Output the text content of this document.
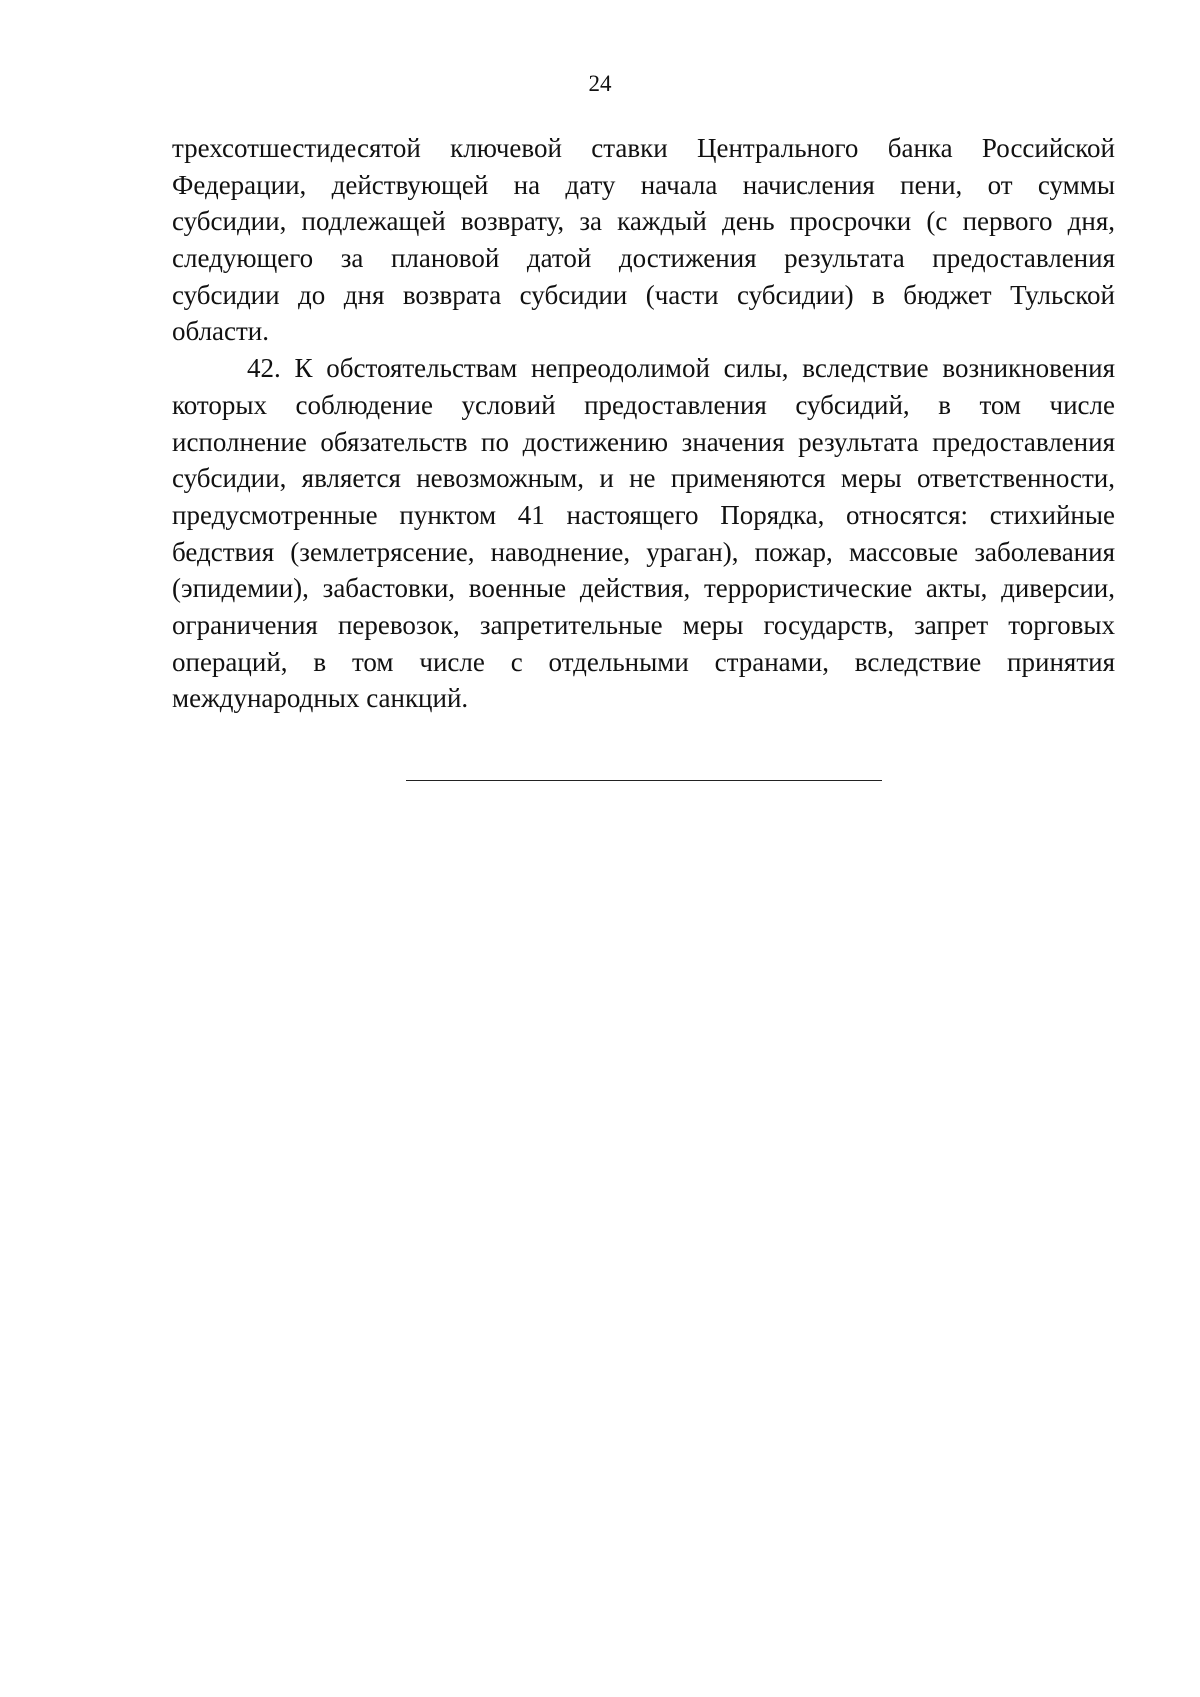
24
трехсотшестидесятой ключевой ставки Центрального банка Российской
Федерации, действующей на дату начала начисления пени, от суммы
субсидии, подлежащей возврату, за каждый день просрочки (с первого дня,
следующего за плановой датой достижения результата предоставления
субсидии до дня возврата субсидии (части субсидии) в бюджет Тульской
области.
42. К обстоятельствам непреодолимой силы, вследствие возникновения
которых соблюдение условий предоставления субсидий, в том числе
исполнение обязательств по достижению значения результата предоставления
субсидии, является невозможным, и не применяются меры ответственности,
предусмотренные пунктом 41 настоящего Порядка, относятся: стихийные
бедствия (землетрясение, наводнение, ураган), пожар, массовые заболевания
(эпидемии), забастовки, военные действия, террористические акты, диверсии,
ограничения перевозок, запретительные меры государств, запрет торговых
операций, в том числе с отдельными странами, вследствие принятия
международных санкций.
